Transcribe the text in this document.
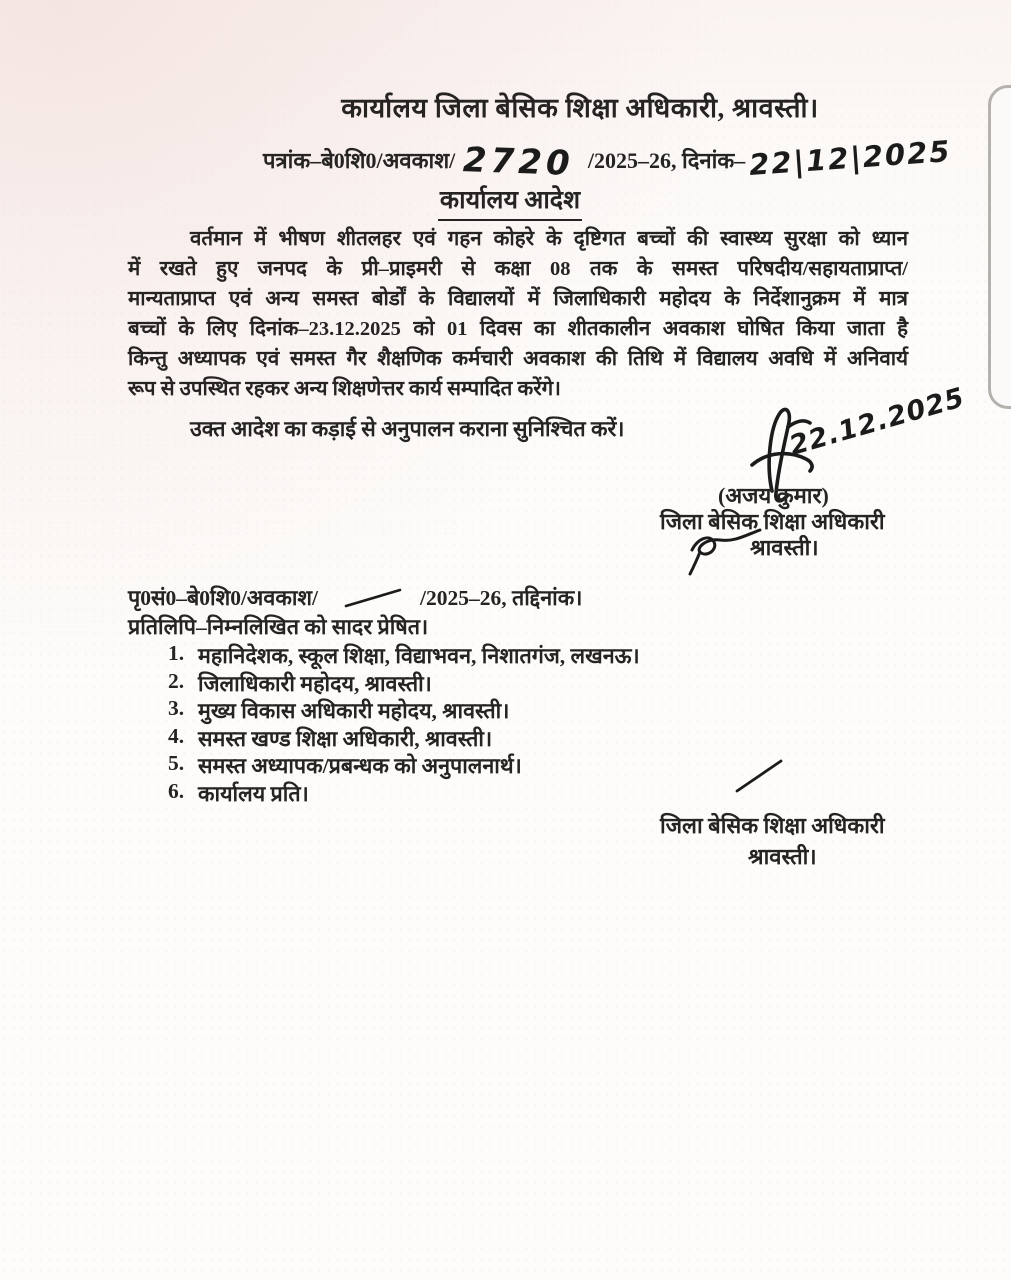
कार्यालय जिला बेसिक शिक्षा अधिकारी, श्रावस्ती।
पत्रांक–बे0शि0/अवकाश/ 2720 /2025–26, दिनांक– 22|12|2025
कार्यालय आदेश
वर्तमान में भीषण शीतलहर एवं गहन कोहरे के दृष्टिगत बच्चों की स्वास्थ्य सुरक्षा को ध्यान
में रखते हुए जनपद के प्री–प्राइमरी से कक्षा 08 तक के समस्त परिषदीय/सहायताप्राप्त/
मान्यताप्राप्त एवं अन्य समस्त बोर्डों के विद्यालयों में जिलाधिकारी महोदय के निर्देशानुक्रम में मात्र
बच्चों के लिए दिनांक–23.12.2025 को 01 दिवस का शीतकालीन अवकाश घोषित किया जाता है
किन्तु अध्यापक एवं समस्त गैर शैक्षणिक कर्मचारी अवकाश की तिथि में विद्यालय अवधि में अनिवार्य
रूप से उपस्थित रहकर अन्य शिक्षणेत्तर कार्य सम्पादित करेंगे।
उक्त आदेश का कड़ाई से अनुपालन कराना सुनिश्चित करें।	22.12.2025
(अजय कुमार)
जिला बेसिक शिक्षा अधिकारी
श्रावस्ती।
पृ0सं0–बे0शि0/अवकाश/	/2025–26, तद्दिनांक।
प्रतिलिपि–निम्नलिखित को सादर प्रेषित।
1. महानिदेशक, स्कूल शिक्षा, विद्याभवन, निशातगंज, लखनऊ।
2. जिलाधिकारी महोदय, श्रावस्ती।
3. मुख्य विकास अधिकारी महोदय, श्रावस्ती।
4. समस्त खण्ड शिक्षा अधिकारी, श्रावस्ती।
5. समस्त अध्यापक/प्रबन्धक को अनुपालनार्थ।
6. कार्यालय प्रति।
जिला बेसिक शिक्षा अधिकारी
श्रावस्ती।
